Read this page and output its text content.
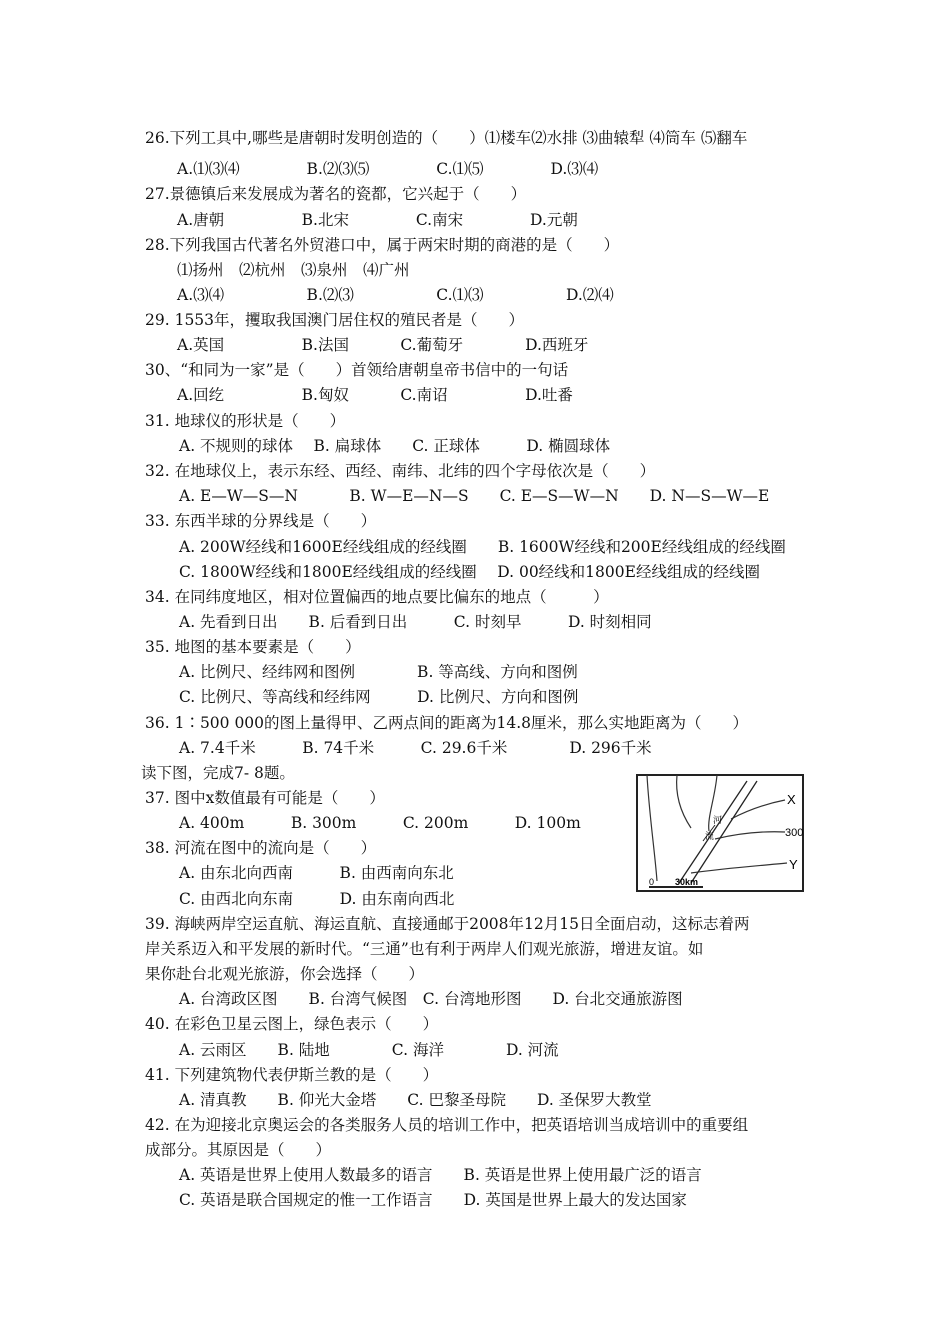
26.下列工具中,哪些是唐朝时发明创造的（　　）⑴楼车⑵水排 ⑶曲辕犁 ⑷筒车 ⑸翻车
A.⑴⑶⑷　　　　 B.⑵⑶⑸　　　　 C.⑴⑸　　　　 D.⑶⑷
27.景德镇后来发展成为著名的瓷都，它兴起于（　　）
A.唐朝　　　　　B.北宋　　　　 C.南宋　　　　 D.元朝
28.下列我国古代著名外贸港口中，属于两宋时期的商港的是（　　）
⑴扬州　⑵杭州　⑶泉州　⑷广州
A.⑶⑷　　　　　 B.⑵⑶　　　　　 C.⑴⑶　　　　　 D.⑵⑷
29. 1553年，攫取我国澳门居住权的殖民者是（　　）
A.英国　　　　　B.法国　　　 C.葡萄牙　　　　D.西班牙
30、“和同为一家”是（　　）首领给唐朝皇帝书信中的一句话
A.回纥　　　　　B.匈奴　　　 C.南诏　　　　　D.吐番
31. 地球仪的形状是（　　）
A. 不规则的球体　 B. 扁球体　　C. 正球体　　　D. 椭圆球体
32. 在地球仪上，表示东经、西经、南纬、北纬的四个字母依次是（　　）
A. E—W—S—N　　　 B. W—E—N—S　　C. E—S—W—N　　D. N—S—W—E
33. 东西半球的分界线是（　　）
A. 200W经线和1600E经线组成的经线圈　　B. 1600W经线和200E经线组成的经线圈
C. 1800W经线和1800E经线组成的经线圈　 D. 00经线和1800E经线组成的经线圈
34. 在同纬度地区，相对位置偏西的地点要比偏东的地点（　　　）
A. 先看到日出　　B. 后看到日出　　　C. 时刻早　　　D. 时刻相同
35. 地图的基本要素是（　　）
A. 比例尺、经纬网和图例　　　　B. 等高线、方向和图例
C. 比例尺、等高线和经纬网　　　D. 比例尺、方向和图例
36. 1∶500 000的图上量得甲、乙两点间的距离为14.8厘米，那么实地距离为（　　）
A. 7.4千米　　　B. 74千米　　　C. 29.6千米　　　　D. 296千米
读下图，完成7- 8题。
37. 图中x数值最有可能是（　　）
A. 400m　　　B. 300m　　　C. 200m　　　D. 100m
38. 河流在图中的流向是（　　）
A. 由东北向西南　　　B. 由西南向东北
C. 由西北向东南　　　D. 由东南向西北
39. 海峡两岸空运直航、海运直航、直接通邮于2008年12月15日全面启动，这标志着两
岸关系迈入和平发展的新时代。“三通”也有利于两岸人们观光旅游，增进友谊。如
果你赴台北观光旅游，你会选择（　　）
A. 台湾政区图　　B. 台湾气候图　C. 台湾地形图　　D. 台北交通旅游图
40. 在彩色卫星云图上，绿色表示（　　）
A. 云雨区　　B. 陆地　　　　C. 海洋　　　　D. 河流
41. 下列建筑物代表伊斯兰教的是（　　）
A. 清真教　　B. 仰光大金塔　　C. 巴黎圣母院　　D. 圣保罗大教堂
42. 在为迎接北京奥运会的各类服务人员的培训工作中，把英语培训当成培训中的重要组
成部分。其原因是（　　）
A. 英语是世界上使用人数最多的语言　　B. 英语是世界上使用最广泛的语言
C. 英语是联合国规定的惟一工作语言　　D. 英国是世界上最大的发达国家
河
流
X
300
Y
0 30km
